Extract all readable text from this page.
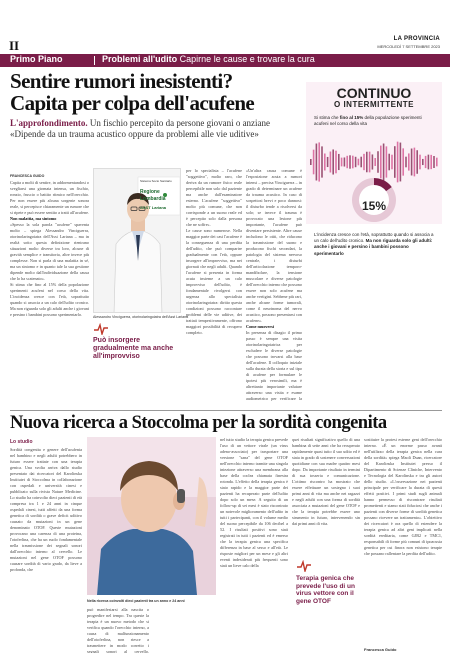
II	LA PROVINCIA
MERCOLEDÌ 7 SETTEMBRE 2023
Primo Piano	Problemi all'udito Capirne le cause e trovare la cura
Sentire rumori inesistenti?
Capita per colpa dell'acufene
L'approfondimento. Un fischio percepito da persone giovani o anziane «Dipende da un trauma acustico oppure da problemi alle vie uditive»
FRANCESCA GUIDO

Capita a molti di sentire, in addormentandosi o svegliarsi una giornata intensa, un fischio, ronzio, fruscio o battito ritmico nell'orecchio. Per non essere più alcuna sorgente sonora reale, si percepisce chiaramente un rumore che si ripete e può essere sentito a tratti all'acufene.

Non malattia, ma sintomo

«Spesso la sola parola "acufene" spaventa molto – spiega Alessandro Vinciguerra, otorinolaringoiatra dell'Asst Lariana – ma in realtà sotto questa definizione rientrano situazioni molto diverse tra loro, alcune di gravità semplice e transitoria, altre invece più complesse. Non si parla di una malattia in sé, ma un sintomo e in quanto tale la sua gestione dipende molto dall'individuazione della causa che lo ha scatenato».

Si stima che fino al 15% della popolazione sperimenti acufeni nel corso della vita. L'incidenza cresce con l'età, soprattutto quando si associa a un calo dell'udito cronico. Ma non riguarda solo gli adulti anche i giovani e persino i bambini possono sperimentarlo.

Sistema Socio Sanitario
Regione
Lombardia
ASST Lariana
Alessandro Vinciguerra, otorinolaringoiatra dell'Asst Lariana
Può insorgere gradualmente ma anche all'improvviso

per lo specialista – l'acufene "soggettivo", molto raro, che deriva da un rumore fisico reale percepibile non solo dal paziente ma anche dall'esaminatore esterno. L'acufene "soggettivo" molto più comune, che non corrisponde a un suono reale ed è percepito solo dalla persona che ne soffre».

Le cause sono numerose. Nella maggior parte dei casi l'acufene è la conseguenza di una perdita dell'udito, che può comparire gradualmente con l'età, oppure insorgere all'improvviso, ma nei giornati che negli adulti. Quando l'acufene si presenta in forma acuta insieme a un calo improvviso dell'udito, è fondamentale rivolgersi con urgenza allo specialista otorinolaringoiatra: diritto questa condizioni possono raccontare problemi delle vie uditive, dei trattati tempestivamente, offrono maggiori possibilità di recupero completo.

«Un'altra causa comune è l'esposizione acuta a rumori intensi – precisa Vinciguerra – in grado di determinare un acufene da trauma acustico. In caso di sospettosi brevi e poco dannosi: il disturbo tende a risolversi da solo; se invece il trauma è provocato una lesione più importante, l'acufene può diventare persistente. Altre cause includono le otiti, che riducono la trasmissione del suono e producono fischi secondari, la patologia del sistema nervoso centrale, i disturbi dell'articolazione temporo-mandibolare, la tensione muscolare e diverse patologie dell'orecchio interno che possono essere non solo acufene ma anche vertigini. Sebbene più rari, anche alcune forme tumorali, come il neurinoma del nervo acustico, possono presentarsi con acufene».

Come muoversi

In presenza di disagio il primo passo è sempre una visita otorinolaringoiatrica per escludere le diverse patologie che possono trovarsi alla base dell'acufene. Il colloquio iniziale sulla durata della storia e sul tipo di acufene per formulare le ipotesi più verosimili, ma è altrettanto importante valutare attraverso una visita e esame audiometrico per verificare la

CONTINUO
O INTERMITTENTE
Si stima che fino al 15% della popolazione sperimenti acufeni nel corso della vita
15%
L'incidenza cresce con l'età, soprattutto quando si associa a un calo dell'udito cronico. Ma non riguarda solo gli adulti: anche i giovani e persino i bambini possono sperimentarlo
Nuova ricerca a Stoccolma per la sordità congenita
Lo studio
Sordità congenita e genere dell'acufenia nel bambino e negli adulti potrebbero in futuro essere trattate con una terapia genica. Una svolta arriva dallo studio presentato dai ricercatori del Karolinska Institutet di Stoccolma in collaborazione con ospedali e università cinesi e pubblicato sulla rivista Nature Medicine. Lo studio ha coinvolto dieci pazienti di età compresa tra 1 e 24 anni in cinque ospedali cinesi, tutti affetti da una forma genetica di sordità o grave deficit uditivo causato da mutazioni in un gene denominato OTOF. Queste mutazioni provocano una carenza di una proteina, l'otoferlina, che ha un ruolo fondamentale nella trasmissione dei segnali sonori dall'orecchio interno al cervello. Le mutazioni nel gene OTOF possono causare sordità di vario grado, da lieve a profonda, che
Nella ricerca coinvolti dieci pazienti tra un anno e 24 anni
può manifestarsi alla nascita o progredire nel tempo. Tra queste la terapia è un nuovo metodo che si verifica quando l'orecchio interno, a causa di malfunzionamento dell'otoferlina, non riesce a trasmettere in modo corretto i segnali sonori al cervello,
nel tutto studio la terapia genica prevede l'uso di un vettore virale (un virus adeno-associato) per trasportare una versione "sana" del gene OTOF nell'orecchio interno tramite una singola iniezione attraverso una membrana alla base della coclea chiamata finestra rotonda. L'effetto della terapia genica è stato rapido e la maggior parte dei pazienti ha recuperato parte dell'udito dopo solo un mese. A seguito di un follow-up di sei mesi è stato riscontrato un notevole miglioramento dell'udito in tutti i partecipanti, con il volume medio del suono percepibile da 106 decibel a 52. I risultati positivi sono stati registrati in tutti i pazienti ed è emerso che la terapia genica una specifica differenza in base al sesso e all'età. Le risposte migliori per un mese e gli altri eventi indesiderati più frequenti sono stati un lieve calo della
quei risultati significativo quello di una bambina di sette anni che ha recuperato rapidamente quasi tutto il suo udito ed è stata in grado di sostenere conversazioni quotidiane con sua madre quattro mesi dopo. Da importante risultato in termini di sua tosseria e comunicazione. L'ottimo riscontro ha mostrato che essere effettuare un sostegno i suoi primi anni di vita ma anche nei ragazzi e negli adulti con una forma di sordità associata a mutazioni del gene OTOF e che la terapia potrebbe essere uno strumento in futuro, intervenendo sin dai primi anni di vita.
Terapia genica che prevede l'uso di un virus vettore con il gene OTOF
sostituire la protesi esterne geni dell'orecchio interno. «È un enorme passo avanti nell'utilizzo della terapia genica nella cura della sordità» spiega Maoli Duan, ricercatore del Karolinska Institutet presso il Dipartimento di Scienze Cliniche, Intervento e Tecnologia del Karolinska e tra gli autori dello studio. «L'osservazione nei pazienti principale per verificare la durata di questi effetti positivi. I primi studi sugli animali hanno permesso di riscontrare risultati promettenti e siamo stati fiduciosi che anche i pazienti con diverse forme di sordità genetica possano ricevere un trattamento». L'obiettivo dei ricercatori è ora quello di estendere la terapia genica ad altri geni implicati nella sordità ereditaria, come GJB2 e TMC1, responsabili di forme più comuni di ipoacusia genetica per cui finora non esistono terapie che possano rallentare la perdita dell'udito.
Francesca Guido
